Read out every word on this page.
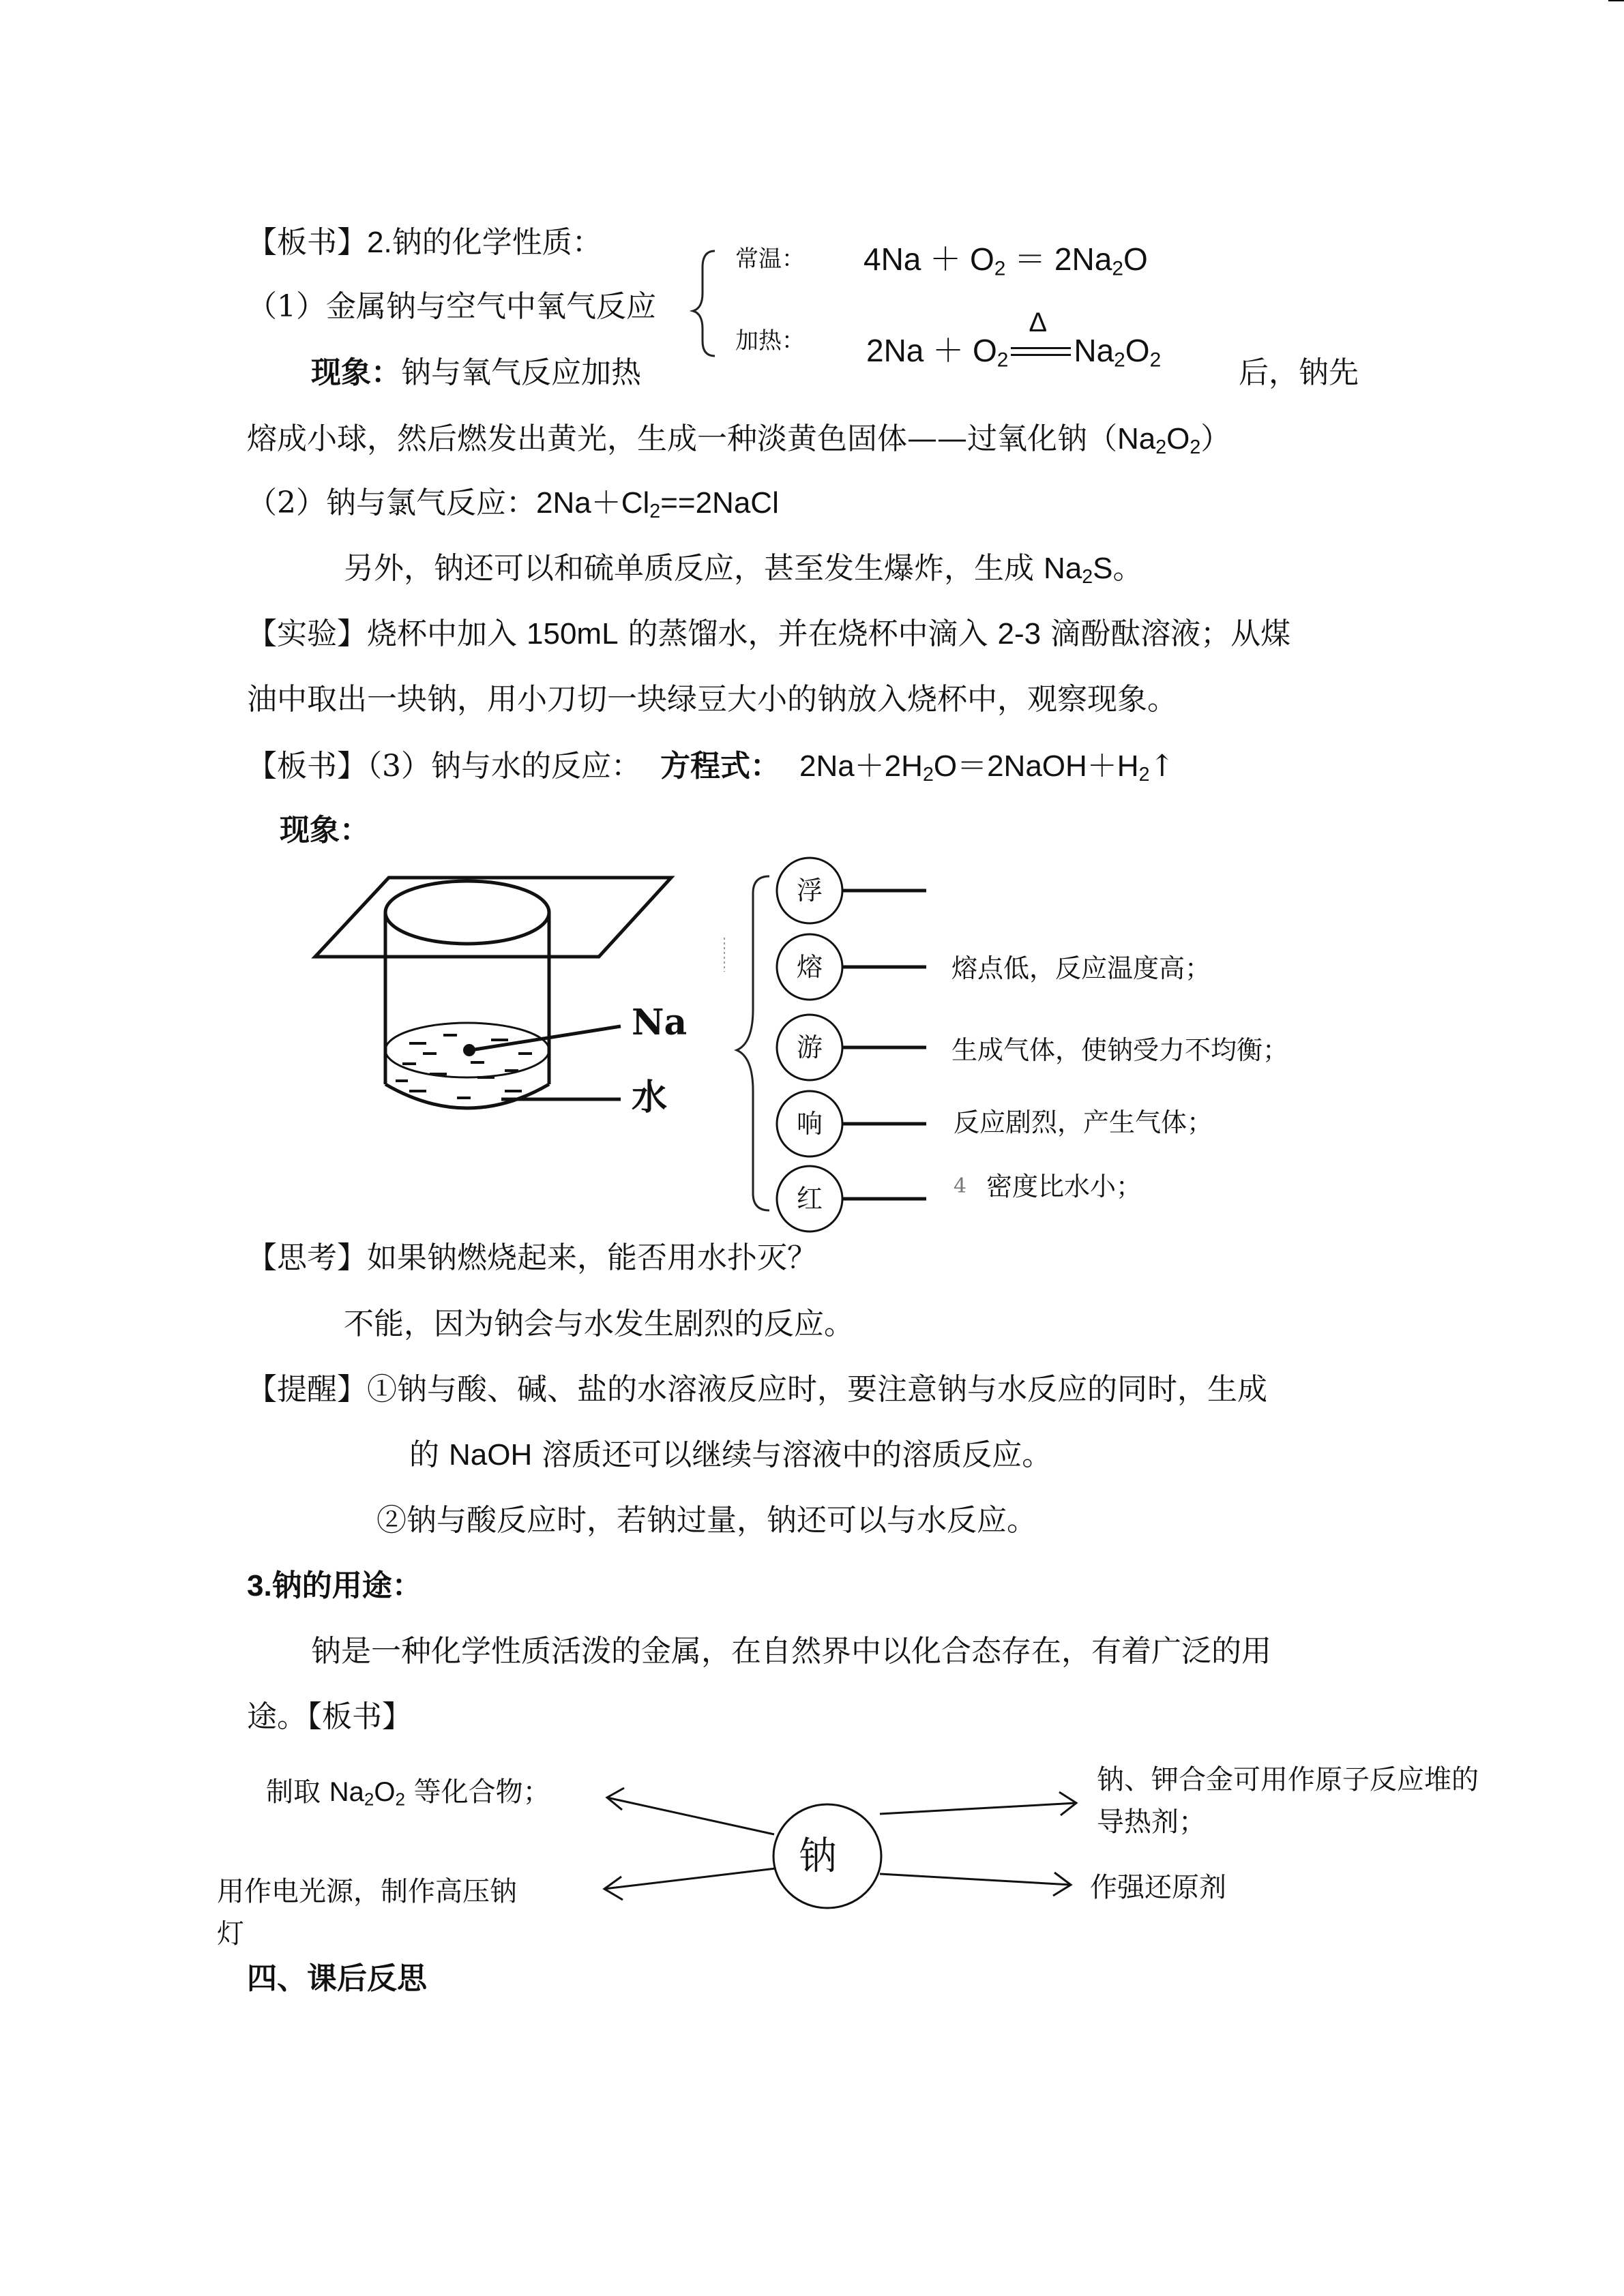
【板书】2.钠的化学性质：
（1）金属钠与空气中氧气反应
常温： $4Na + O_2 = 2Na_2O$
加热： $2Na + O_2$
Δ
$Na_2O_2$
现象：钠与氧气反应加热	后，钠先
熔成小球，然后燃发出黄光，生成一种淡黄色固体——过氧化钠$(Na_2O_2)$
（2）钠与氯气反应：$2Na+Cl_2==2NaCl$
另外，钠还可以和硫单质反应，甚至发生爆炸，生成 $Na_2S$。
【实验】烧杯中加入 150mL 的蒸馏水，并在烧杯中滴入 2-3 滴酚酞溶液；从煤
油中取出一块钠，用小刀切一块绿豆大小的钠放入烧杯中，观察现象。
【板书】（3）钠与水的反应： 方程式： $2Na+2H_2O=2NaOH+H_2↑$
现象：
Na
水
浮
熔
游
响
红
熔点低，反应温度高；
生成气体，使钠受力不均衡；
反应剧烈，产生气体；
4 密度比水小；
【思考】如果钠燃烧起来，能否用水扑灭？
不能，因为钠会与水发生剧烈的反应。
【提醒】①钠与酸、碱、盐的水溶液反应时，要注意钠与水反应的同时，生成
的 NaOH 溶质还可以继续与溶液中的溶质反应。
②钠与酸反应时，若钠过量，钠还可以与水反应。
3.钠的用途：
钠是一种化学性质活泼的金属，在自然界中以化合态存在，有着广泛的用
途。【板书】
钠
制取 $Na_2O_2$ 等化合物；	钠、钾合金可用作原子反应堆的
导热剂；
用作电光源，制作高压钠
灯
作强还原剂
四、课后反思
